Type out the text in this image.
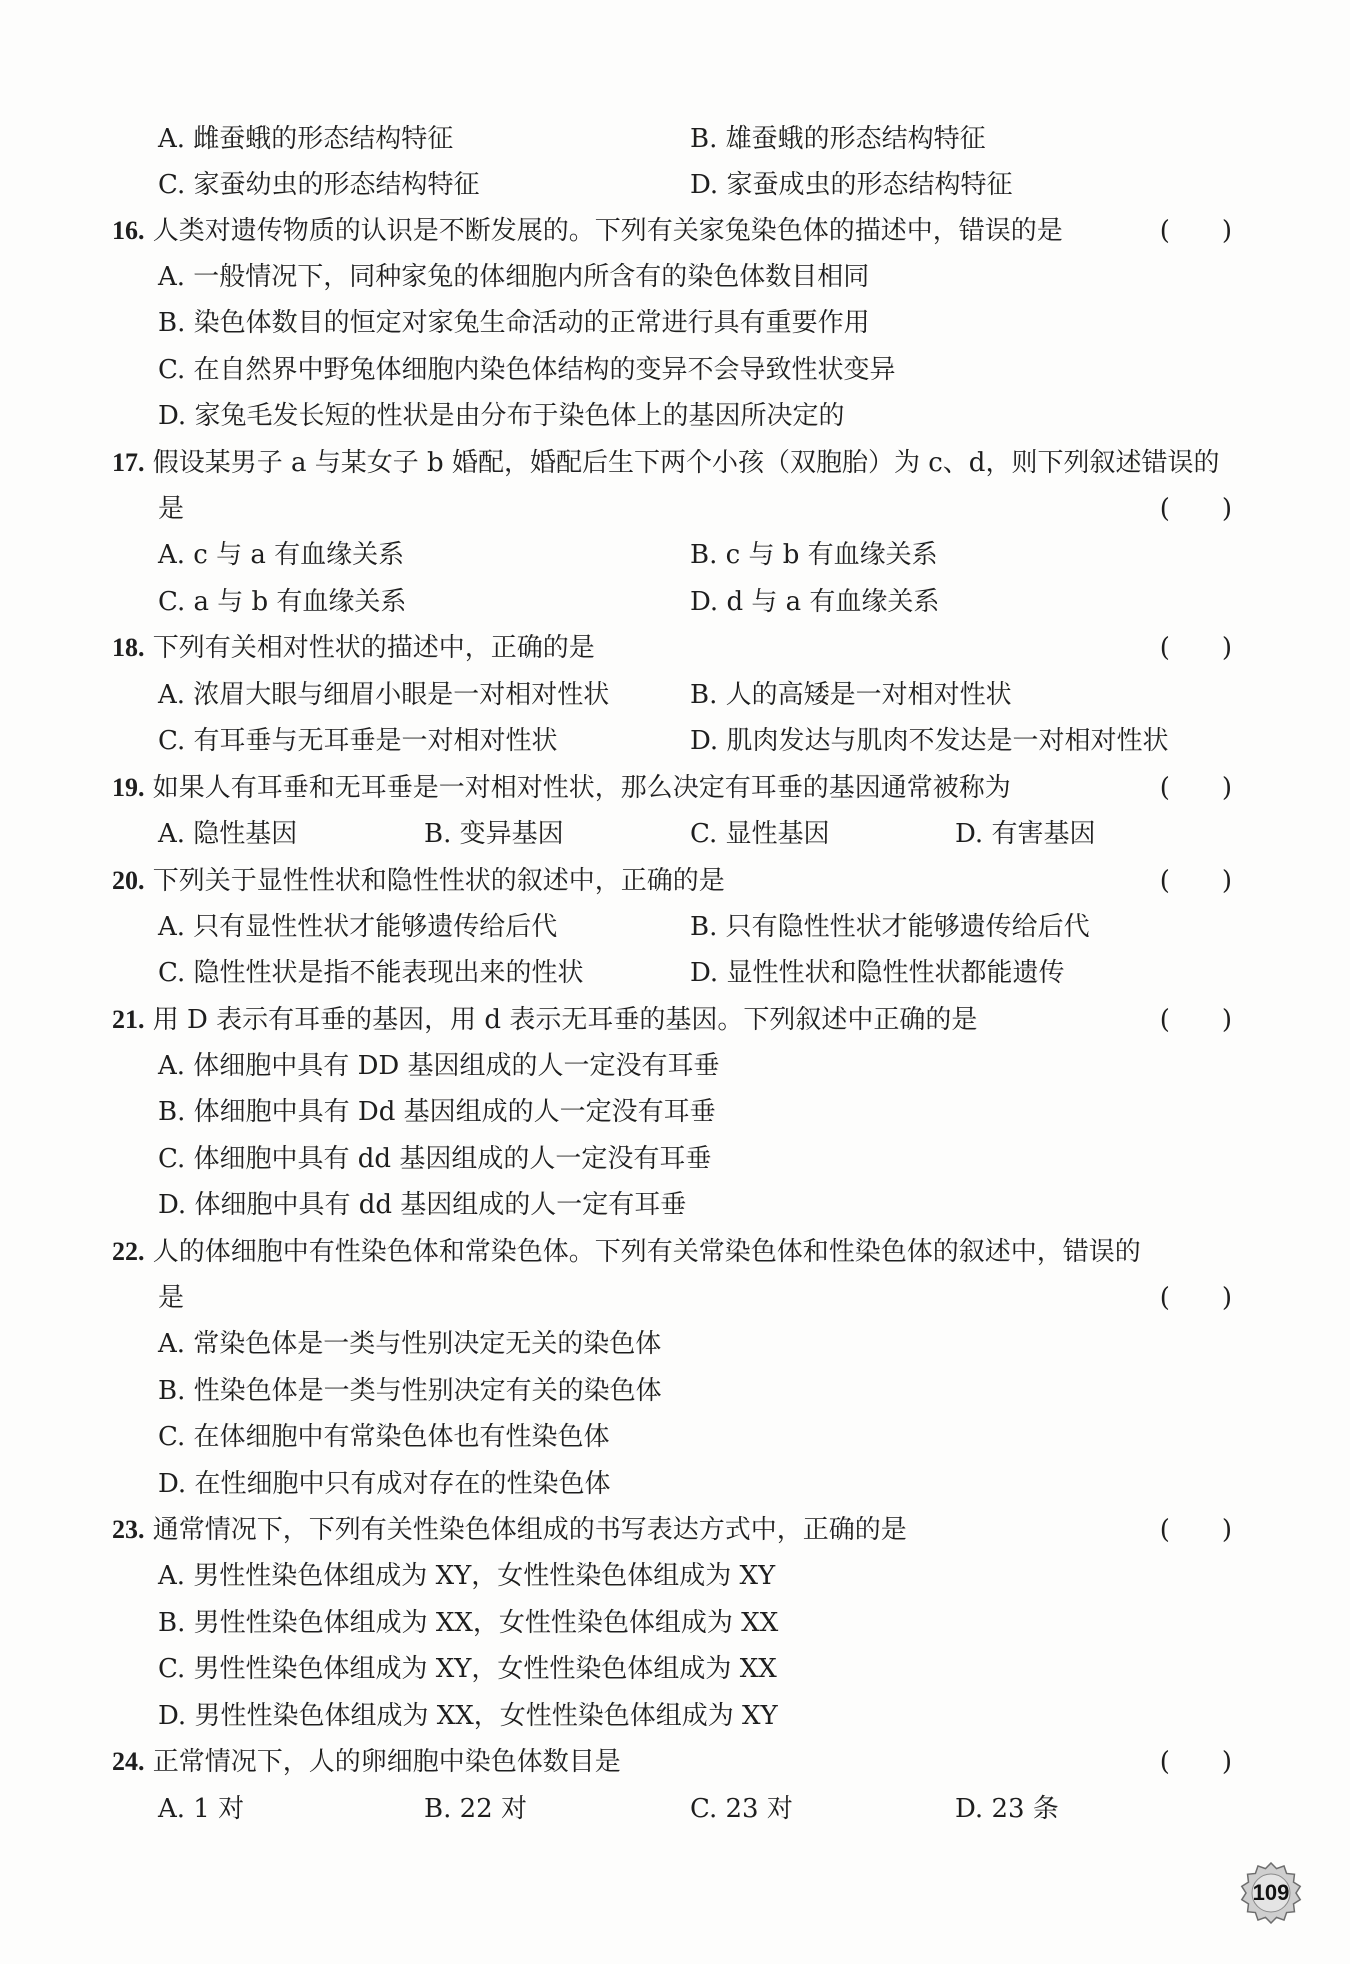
A. 雌蚕蛾的形态结构特征	B. 雄蚕蛾的形态结构特征
C. 家蚕幼虫的形态结构特征	D. 家蚕成虫的形态结构特征
16. 人类对遗传物质的认识是不断发展的。下列有关家兔染色体的描述中，错误的是	(　　)
A. 一般情况下，同种家兔的体细胞内所含有的染色体数目相同
B. 染色体数目的恒定对家兔生命活动的正常进行具有重要作用
C. 在自然界中野兔体细胞内染色体结构的变异不会导致性状变异
D. 家兔毛发长短的性状是由分布于染色体上的基因所决定的
17. 假设某男子 a 与某女子 b 婚配，婚配后生下两个小孩（双胞胎）为 c、d，则下列叙述错误的
是	(　　)
A. c 与 a 有血缘关系	B. c 与 b 有血缘关系
C. a 与 b 有血缘关系	D. d 与 a 有血缘关系
18. 下列有关相对性状的描述中，正确的是	(　　)
A. 浓眉大眼与细眉小眼是一对相对性状	B. 人的高矮是一对相对性状
C. 有耳垂与无耳垂是一对相对性状	D. 肌肉发达与肌肉不发达是一对相对性状
19. 如果人有耳垂和无耳垂是一对相对性状，那么决定有耳垂的基因通常被称为	(　　)
A. 隐性基因	B. 变异基因	C. 显性基因	D. 有害基因
20. 下列关于显性性状和隐性性状的叙述中，正确的是	(　　)
A. 只有显性性状才能够遗传给后代	B. 只有隐性性状才能够遗传给后代
C. 隐性性状是指不能表现出来的性状	D. 显性性状和隐性性状都能遗传
21. 用 D 表示有耳垂的基因，用 d 表示无耳垂的基因。下列叙述中正确的是	(　　)
A. 体细胞中具有 DD 基因组成的人一定没有耳垂
B. 体细胞中具有 Dd 基因组成的人一定没有耳垂
C. 体细胞中具有 dd 基因组成的人一定没有耳垂
D. 体细胞中具有 dd 基因组成的人一定有耳垂
22. 人的体细胞中有性染色体和常染色体。下列有关常染色体和性染色体的叙述中，错误的
是	(　　)
A. 常染色体是一类与性别决定无关的染色体
B. 性染色体是一类与性别决定有关的染色体
C. 在体细胞中有常染色体也有性染色体
D. 在性细胞中只有成对存在的性染色体
23. 通常情况下，下列有关性染色体组成的书写表达方式中，正确的是	(　　)
A. 男性性染色体组成为 XY，女性性染色体组成为 XY
B. 男性性染色体组成为 XX，女性性染色体组成为 XX
C. 男性性染色体组成为 XY，女性性染色体组成为 XX
D. 男性性染色体组成为 XX，女性性染色体组成为 XY
24. 正常情况下，人的卵细胞中染色体数目是	(　　)
A. 1 对	B. 22 对	C. 23 对	D. 23 条
109
